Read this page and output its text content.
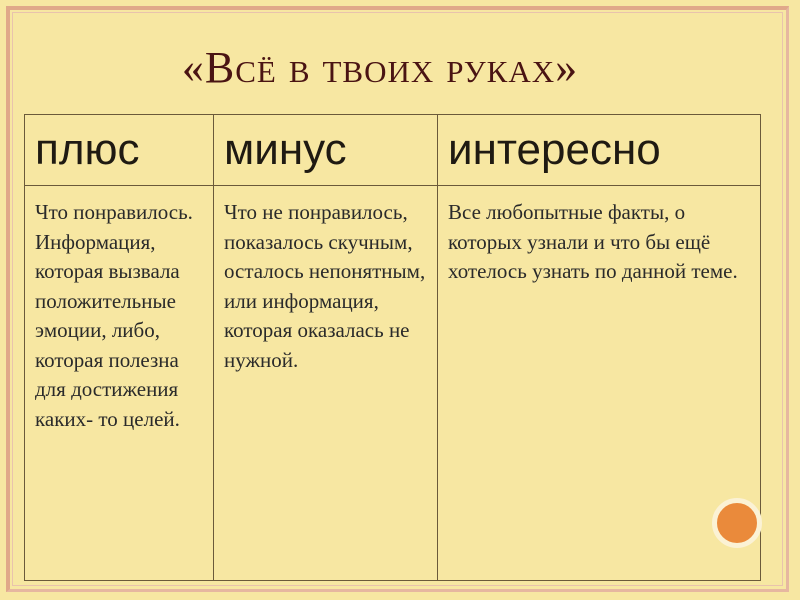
«Всё в твоих руках»
плюс	минус	интересно
Что понравилось. Информация, которая вызвала положительные эмоции, либо, которая полезна для достижения каких- то целей.	Что не понравилось, показалось скучным, осталось непонятным, или информация, которая оказалась не нужной.	Все любопытные факты, о которых узнали и что бы ещё хотелось узнать по данной теме.
